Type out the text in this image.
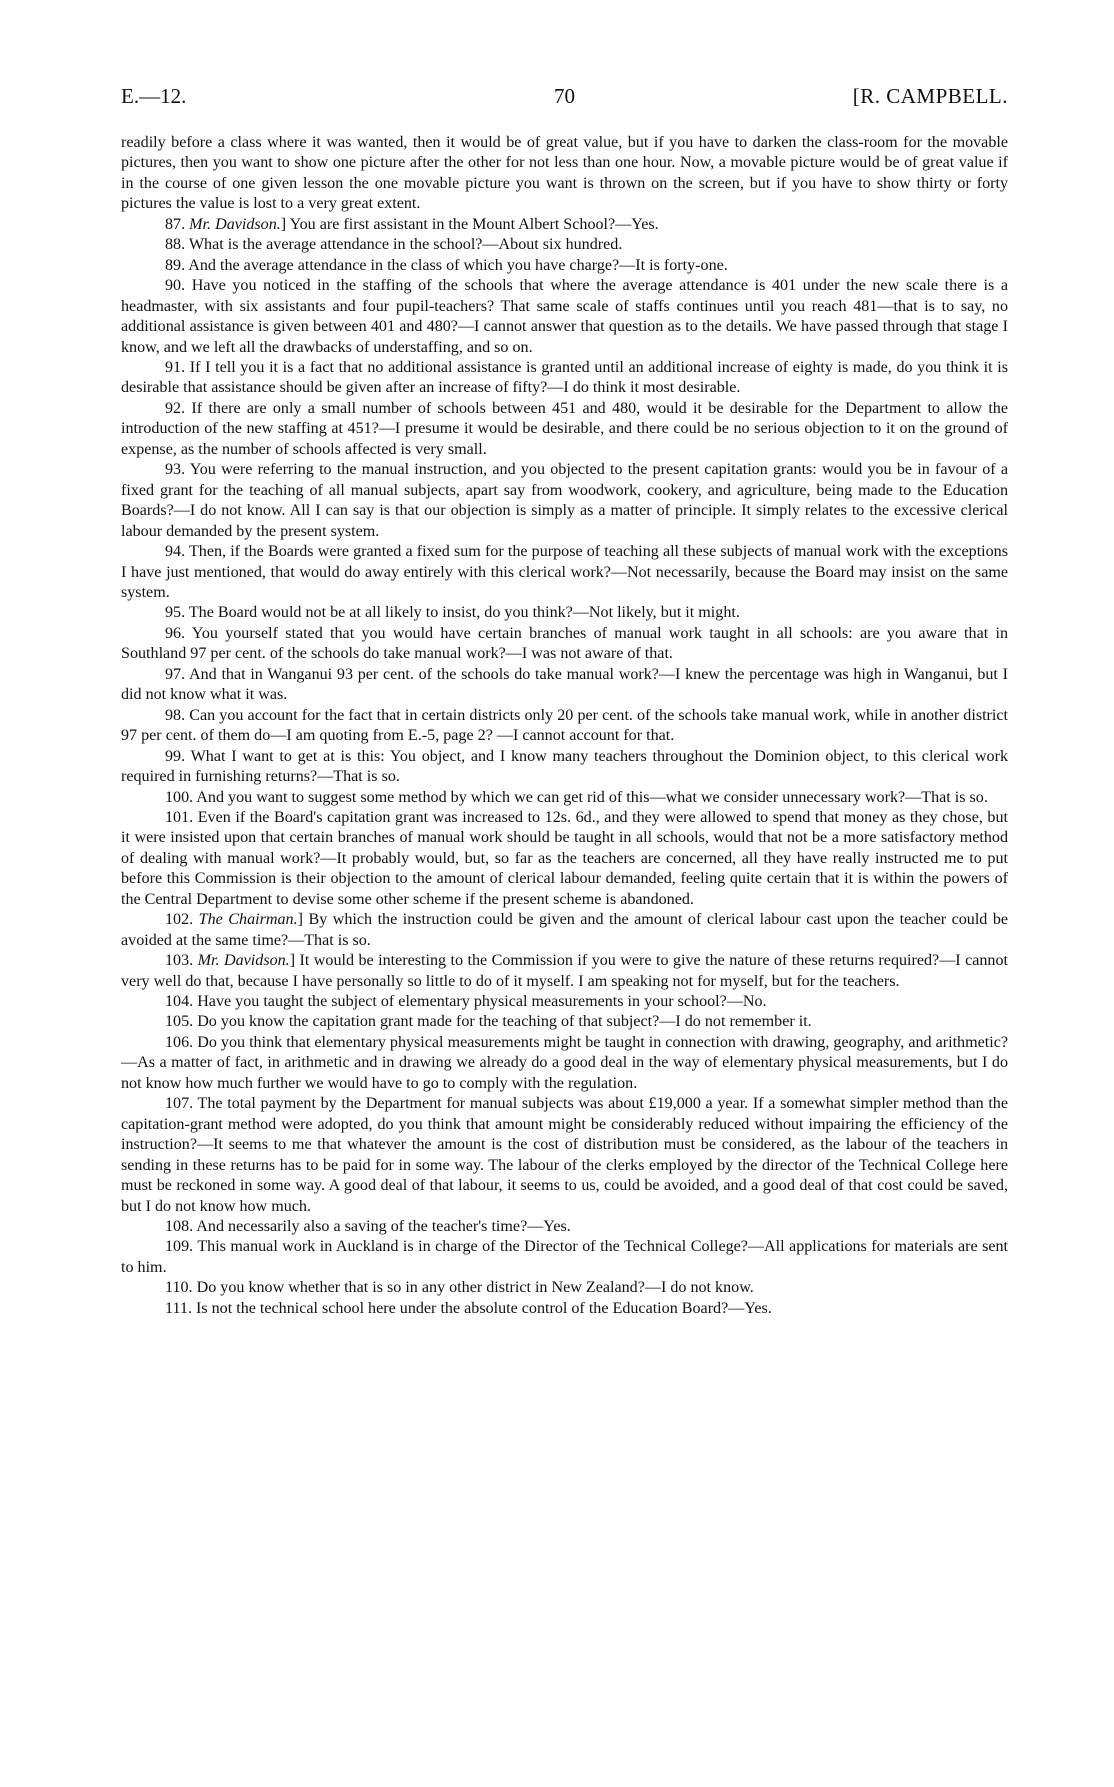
E.—12.	70	[R. CAMPBELL.

readily before a class where it was wanted, then it would be of great value, but if you have to darken the class-room for the movable pictures, then you want to show one picture after the other for not less than one hour. Now, a movable picture would be of great value if in the course of one given lesson the one movable picture you want is thrown on the screen, but if you have to show thirty or forty pictures the value is lost to a very great extent.

87. Mr. Davidson.] You are first assistant in the Mount Albert School?—Yes.

88. What is the average attendance in the school?—About six hundred.

89. And the average attendance in the class of which you have charge?—It is forty-one.

90. Have you noticed in the staffing of the schools that where the average attendance is 401 under the new scale there is a headmaster, with six assistants and four pupil-teachers? That same scale of staffs continues until you reach 481—that is to say, no additional assistance is given between 401 and 480?—I cannot answer that question as to the details. We have passed through that stage I know, and we left all the drawbacks of understaffing, and so on.

91. If I tell you it is a fact that no additional assistance is granted until an additional increase of eighty is made, do you think it is desirable that assistance should be given after an increase of fifty?—I do think it most desirable.

92. If there are only a small number of schools between 451 and 480, would it be desirable for the Department to allow the introduction of the new staffing at 451?—I presume it would be desirable, and there could be no serious objection to it on the ground of expense, as the number of schools affected is very small.

93. You were referring to the manual instruction, and you objected to the present capitation grants: would you be in favour of a fixed grant for the teaching of all manual subjects, apart say from woodwork, cookery, and agriculture, being made to the Education Boards?—I do not know. All I can say is that our objection is simply as a matter of principle. It simply relates to the excessive clerical labour demanded by the present system.

94. Then, if the Boards were granted a fixed sum for the purpose of teaching all these subjects of manual work with the exceptions I have just mentioned, that would do away entirely with this clerical work?—Not necessarily, because the Board may insist on the same system.

95. The Board would not be at all likely to insist, do you think?—Not likely, but it might.

96. You yourself stated that you would have certain branches of manual work taught in all schools: are you aware that in Southland 97 per cent. of the schools do take manual work?—I was not aware of that.

97. And that in Wanganui 93 per cent. of the schools do take manual work?—I knew the percentage was high in Wanganui, but I did not know what it was.

98. Can you account for the fact that in certain districts only 20 per cent. of the schools take manual work, while in another district 97 per cent. of them do—I am quoting from E.-5, page 2? —I cannot account for that.

99. What I want to get at is this: You object, and I know many teachers throughout the Dominion object, to this clerical work required in furnishing returns?—That is so.

100. And you want to suggest some method by which we can get rid of this—what we consider unnecessary work?—That is so.

101. Even if the Board's capitation grant was increased to 12s. 6d., and they were allowed to spend that money as they chose, but it were insisted upon that certain branches of manual work should be taught in all schools, would that not be a more satisfactory method of dealing with manual work?—It probably would, but, so far as the teachers are concerned, all they have really instructed me to put before this Commission is their objection to the amount of clerical labour demanded, feeling quite certain that it is within the powers of the Central Department to devise some other scheme if the present scheme is abandoned.

102. The Chairman.] By which the instruction could be given and the amount of clerical labour cast upon the teacher could be avoided at the same time?—That is so.

103. Mr. Davidson.] It would be interesting to the Commission if you were to give the nature of these returns required?—I cannot very well do that, because I have personally so little to do of it myself. I am speaking not for myself, but for the teachers.

104. Have you taught the subject of elementary physical measurements in your school?—No.

105. Do you know the capitation grant made for the teaching of that subject?—I do not remember it.

106. Do you think that elementary physical measurements might be taught in connection with drawing, geography, and arithmetic?—As a matter of fact, in arithmetic and in drawing we already do a good deal in the way of elementary physical measurements, but I do not know how much further we would have to go to comply with the regulation.

107. The total payment by the Department for manual subjects was about £19,000 a year. If a somewhat simpler method than the capitation-grant method were adopted, do you think that amount might be considerably reduced without impairing the efficiency of the instruction?—It seems to me that whatever the amount is the cost of distribution must be considered, as the labour of the teachers in sending in these returns has to be paid for in some way. The labour of the clerks employed by the director of the Technical College here must be reckoned in some way. A good deal of that labour, it seems to us, could be avoided, and a good deal of that cost could be saved, but I do not know how much.

108. And necessarily also a saving of the teacher's time?—Yes.

109. This manual work in Auckland is in charge of the Director of the Technical College?—All applications for materials are sent to him.

110. Do you know whether that is so in any other district in New Zealand?—I do not know.

111. Is not the technical school here under the absolute control of the Education Board?—Yes.
